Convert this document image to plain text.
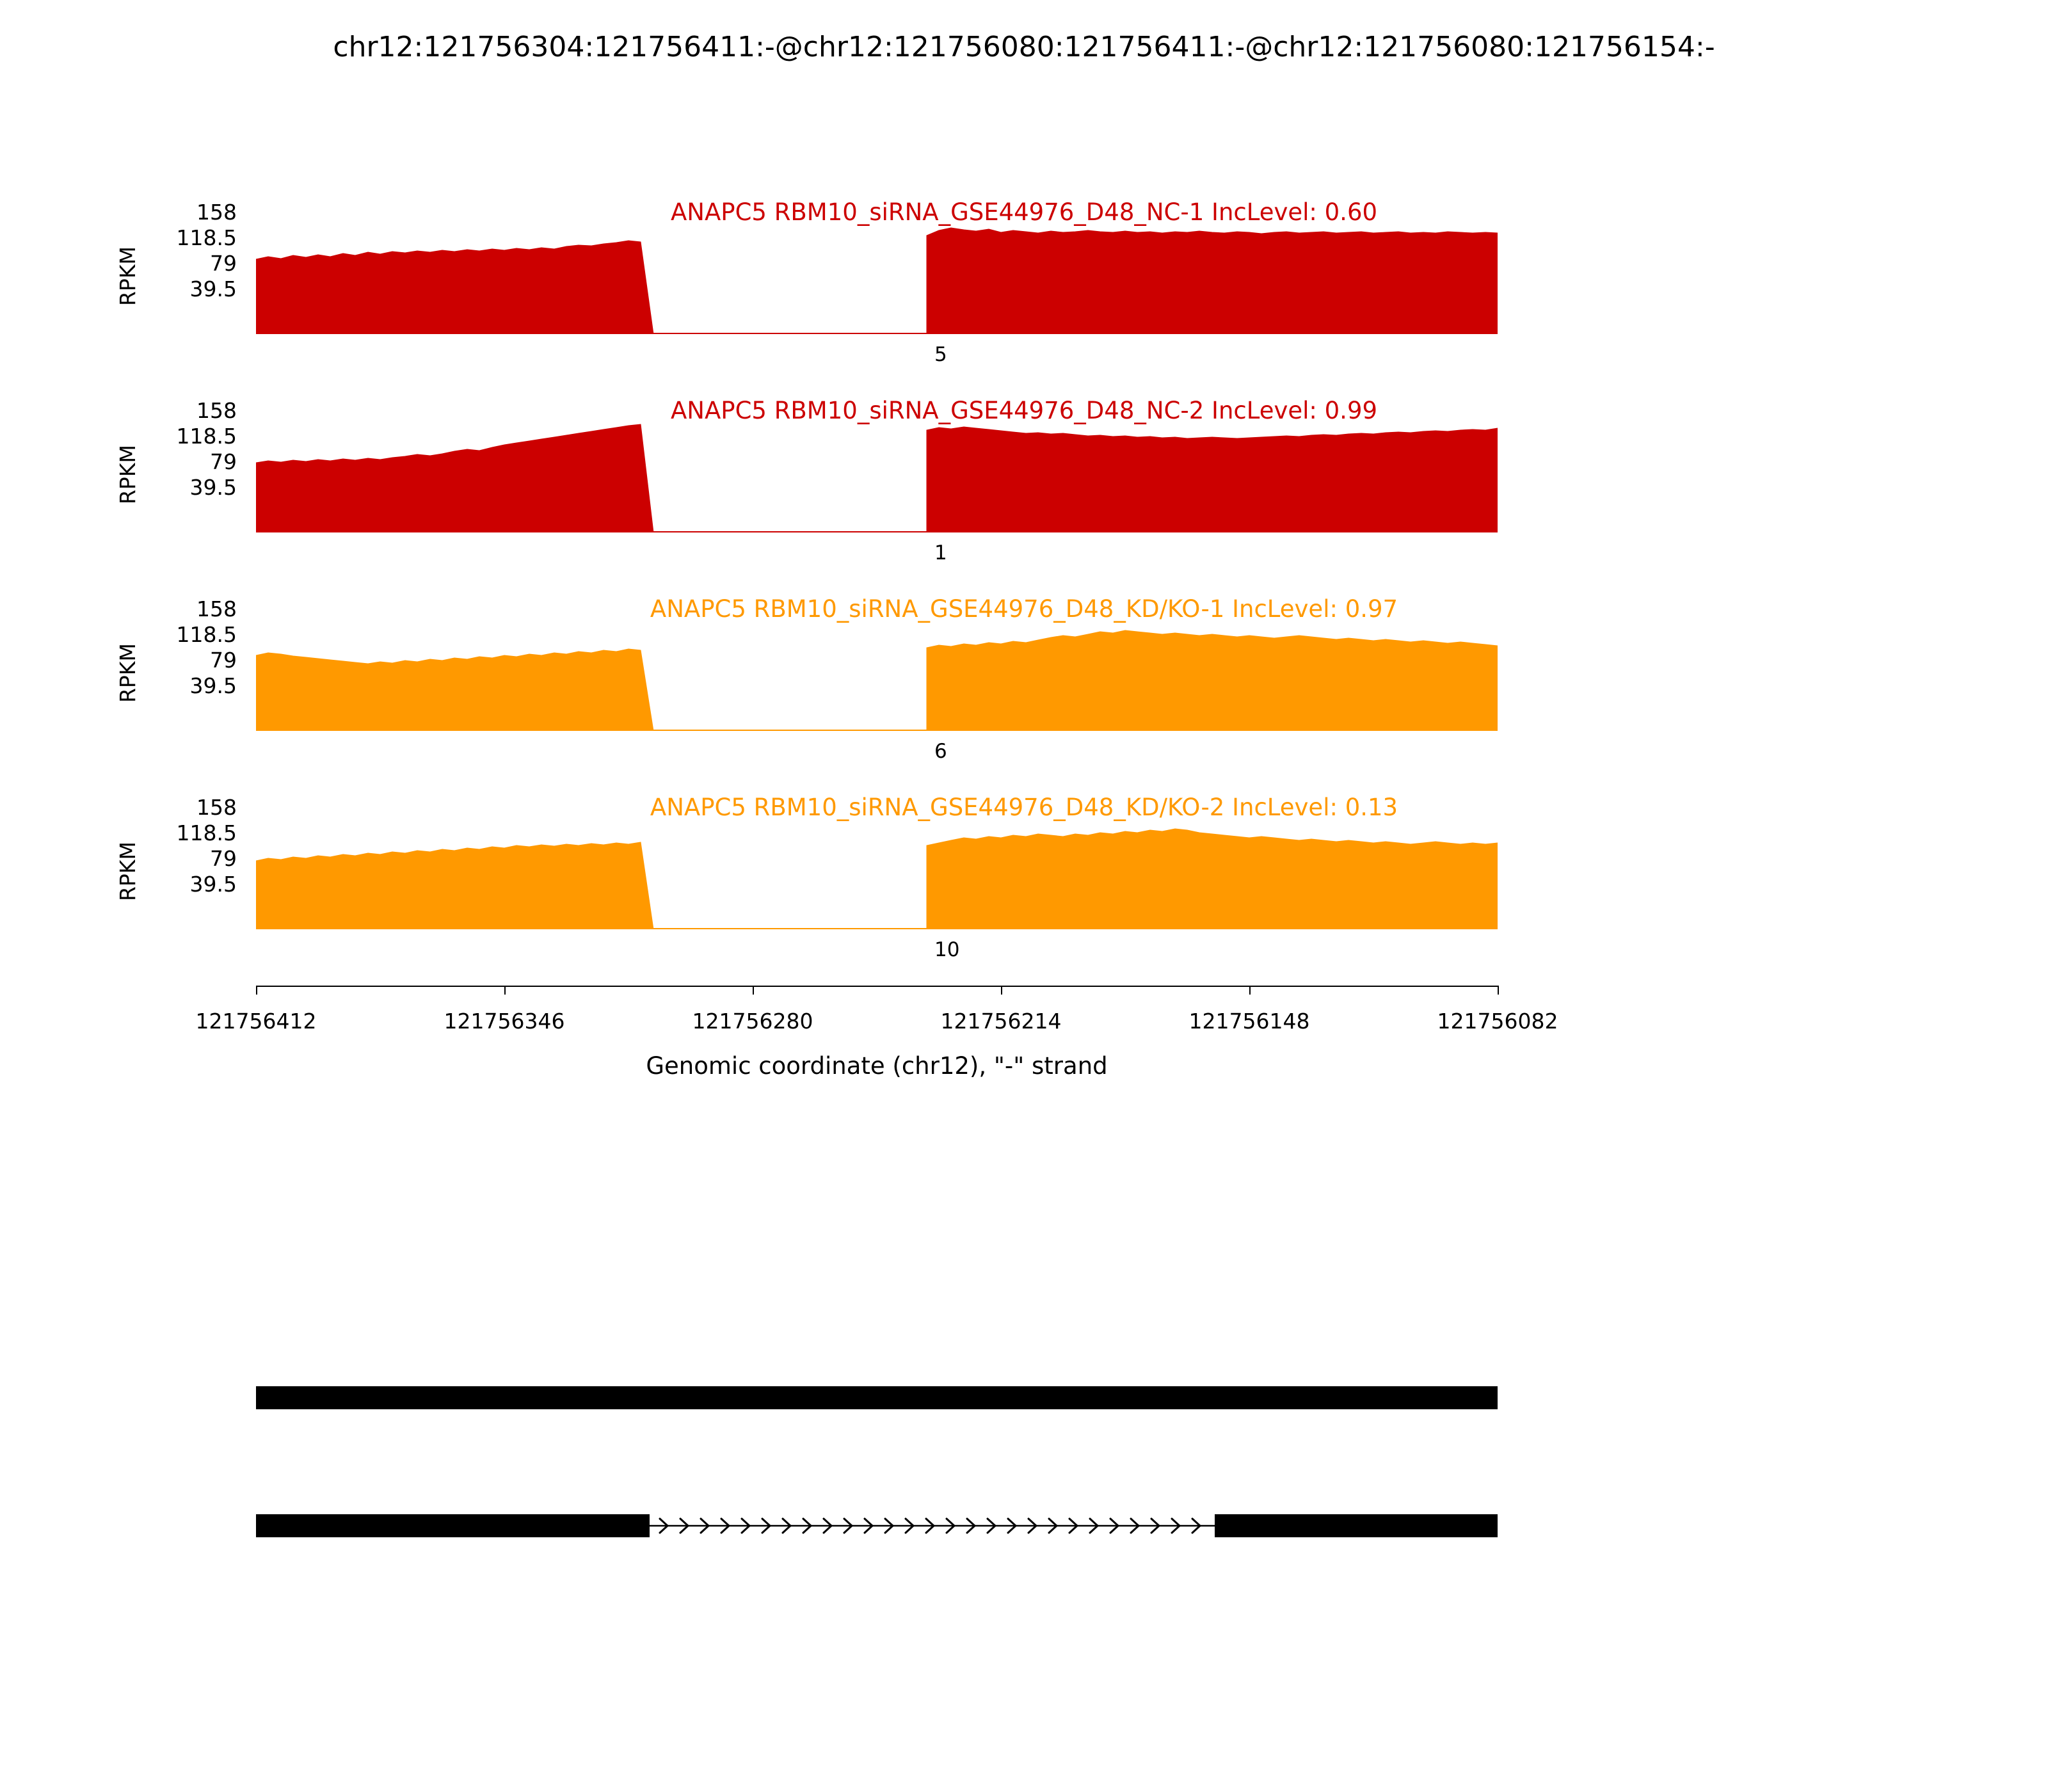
chr12:121756304:121756411:-@chr12:121756080:121756411:-@chr12:121756080:121756154:-
RPKM
158
118.5
79
39.5
ANAPC5 RBM10_siRNA_GSE44976_D48_NC-1 IncLevel: 0.60
5
RPKM
158
118.5
79
39.5
ANAPC5 RBM10_siRNA_GSE44976_D48_NC-2 IncLevel: 0.99
1
RPKM
158
118.5
79
39.5
ANAPC5 RBM10_siRNA_GSE44976_D48_KD/KO-1 IncLevel: 0.97
6
RPKM
158
118.5
79
39.5
ANAPC5 RBM10_siRNA_GSE44976_D48_KD/KO-2 IncLevel: 0.13
10
121756412	121756346	121756280	121756214	121756148	121756082
Genomic coordinate (chr12), "-" strand
